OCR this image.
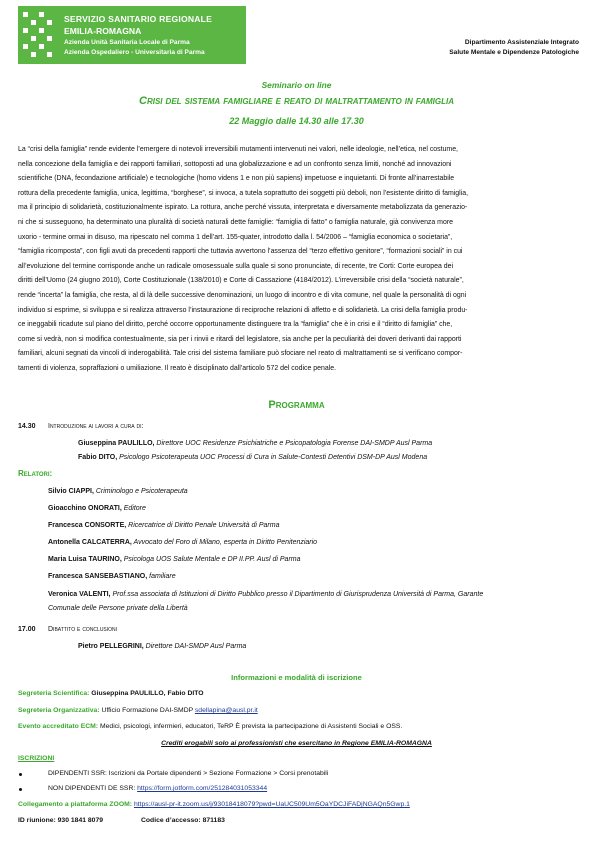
SERVIZIO SANITARIO REGIONALE
EMILIA-ROMAGNA
Azienda Unità Sanitaria Locale di Parma
Azienda Ospedaliero - Universitaria di Parma
Dipartimento Assistenziale Integrato
Salute Mentale e Dipendenze Patologiche
Seminario on line
Crisi del sistema famigliare e reato di maltrattamento in famiglia
22 Maggio dalle 14.30 alle 17.30
La “crisi della famiglia” rende evidente l’emergere di notevoli irreversibili mutamenti intervenuti nei valori, nelle ideologie, nell’etica, nel costume,
nella concezione della famiglia e dei rapporti familiari, sottoposti ad una globalizzazione e ad un confronto senza limiti, nonché ad innovazioni
scientifiche (DNA, fecondazione artificiale) e tecnologiche (homo videns 1 e non più sapiens) impetuose e inquietanti. Di fronte all’inarrestabile
rottura della precedente famiglia, unica, legittima, “borghese”, si invoca, a tutela soprattutto dei soggetti più deboli, non l’esistente diritto di famiglia,
ma il principio di solidarietà, costituzionalmente ispirato. La rottura, anche perché vissuta, interpretata e diversamente metabolizzata da generazio-
ni che si susseguono, ha determinato una pluralità di società naturali dette famiglie: “famiglia di fatto” o famiglia naturale, già convivenza more
uxorio - termine ormai in disuso, ma ripescato nel comma 1 dell’art. 155-quater, introdotto dalla l. 54/2006 – “famiglia economica o societaria”,
“famiglia ricomposta”, con figli avuti da precedenti rapporti che tuttavia avvertono l’assenza del “terzo effettivo genitore”, “formazioni sociali” in cui
all’evoluzione del termine corrisponde anche un radicale omosessuale sulla quale si sono pronunciate, di recente, tre Corti: Corte europea dei
diritti dell’Uomo (24 giugno 2010), Corte Costituzionale (138/2010) e Corte di Cassazione (4184/2012). L’irreversibile crisi della “società naturale”,
rende “incerta” la famiglia, che resta, al di là delle successive denominazioni, un luogo di incontro e di vita comune, nel quale la personalità di ogni
individuo si esprime, si sviluppa e si realizza attraverso l’instaurazione di reciproche relazioni di affetto e di solidarietà. La crisi della famiglia produ-
ce ineggabili ricadute sul piano del diritto, perché occorre opportunamente distinguere tra la “famiglia” che è in crisi e il “diritto di famiglia” che,
come si vedrà, non si modifica contestualmente, sia per i rinvii e ritardi del legislatore, sia anche per la peculiarità dei doveri derivanti dai rapporti
familiari, alcuni segnati da vincoli di inderogabilità. Tale crisi del sistema familiare può sfociare nel reato di maltrattamenti se si verificano compor-
tamenti di violenza, sopraffazioni o umiliazione. Il reato è disciplinato dall’articolo 572 del codice penale.
Programma
14.30 Introduzione ai lavori a cura di:
Giuseppina PAULILLO, Direttore UOC Residenze Psichiatriche e Psicopatologia Forense DAI-SMDP Ausl Parma
Fabio DITO, Psicologo Psicoterapeuta UOC Processi di Cura in Salute-Contesti Detentivi DSM-DP Ausl Modena
Relatori:
Silvio CIAPPI, Criminologo e Psicoterapeuta
Gioacchino ONORATI, Editore
Francesca CONSORTE, Ricercatrice di Diritto Penale Università di Parma
Antonella CALCATERRA, Avvocato del Foro di Milano, esperta in Diritto Penitenziario
Maria Luisa TAURINO, Psicologa UOS Salute Mentale e DP II.PP. Ausl di Parma
Francesca SANSEBASTIANO, familiare
Veronica VALENTI, Prof.ssa associata di Istituzioni di Diritto Pubblico presso il Dipartimento di Giurisprudenza Università di Parma, Garante
Comunale delle Persone private della Libertà
17.00 Dibattito e conclusioni
Pietro PELLEGRINI, Direttore DAI-SMDP Ausl Parma
Informazioni e modalità di iscrizione
Segreteria Scientifica: Giuseppina PAULILLO, Fabio DITO
Segreteria Organizzativa: Ufficio Formazione DAI-SMDP sdellapina@ausl.pr.it
Evento accreditato ECM: Medici, psicologi, infermieri, educatori, TeRP È prevista la partecipazione di Assistenti Sociali e OSS.
Crediti erogabili solo ai professionisti che esercitano in Regione EMILIA-ROMAGNA
ISCRIZIONI
DIPENDENTI SSR: Iscrizioni da Portale dipendenti > Sezione Formazione > Corsi prenotabili
NON DIPENDENTI DE SSR: https://form.jotform.com/251284031053344
Collegamento a piattaforma ZOOM: https://ausl-pr-it.zoom.us/j/93018418079?pwd=UaUC509Um5OaYDCJiFADjNGAQn5Gwp.1
ID riunione: 930 1841 8079	Codice d’accesso: 871183
